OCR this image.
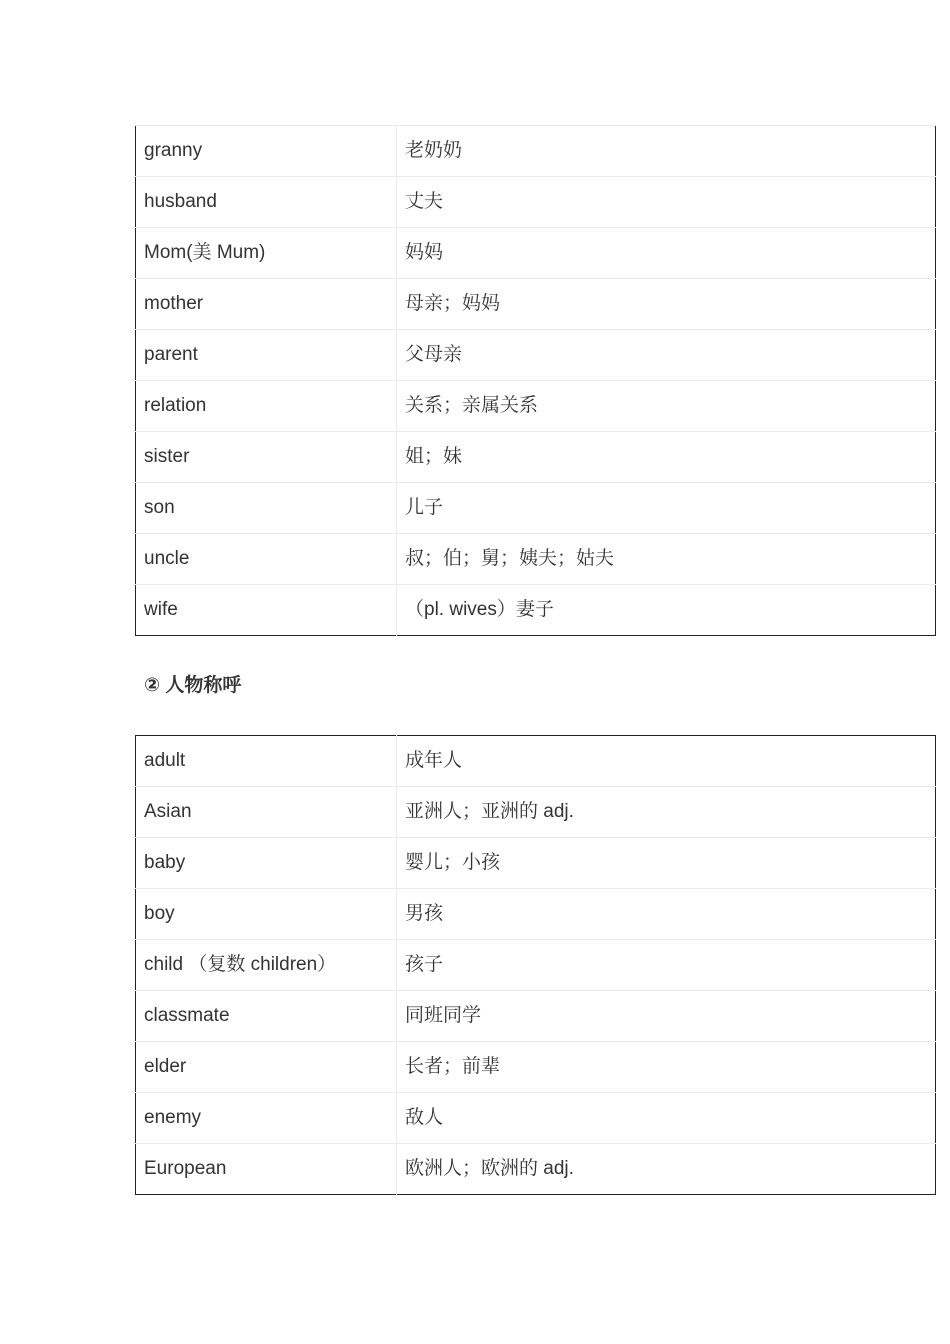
granny	老奶奶
husband	丈夫
Mom(美 Mum)	妈妈
mother	母亲；妈妈
parent	父母亲
relation	关系；亲属关系
sister	姐；妹
son	儿子
uncle	叔；伯；舅；姨夫；姑夫
wife	（pl. wives）妻子
② 人物称呼
adult	成年人
Asian	亚洲人；亚洲的 adj.
baby	婴儿；小孩
boy	男孩
child （复数 children）	孩子
classmate	同班同学
elder	长者；前辈
enemy	敌人
European	欧洲人；欧洲的 adj.
